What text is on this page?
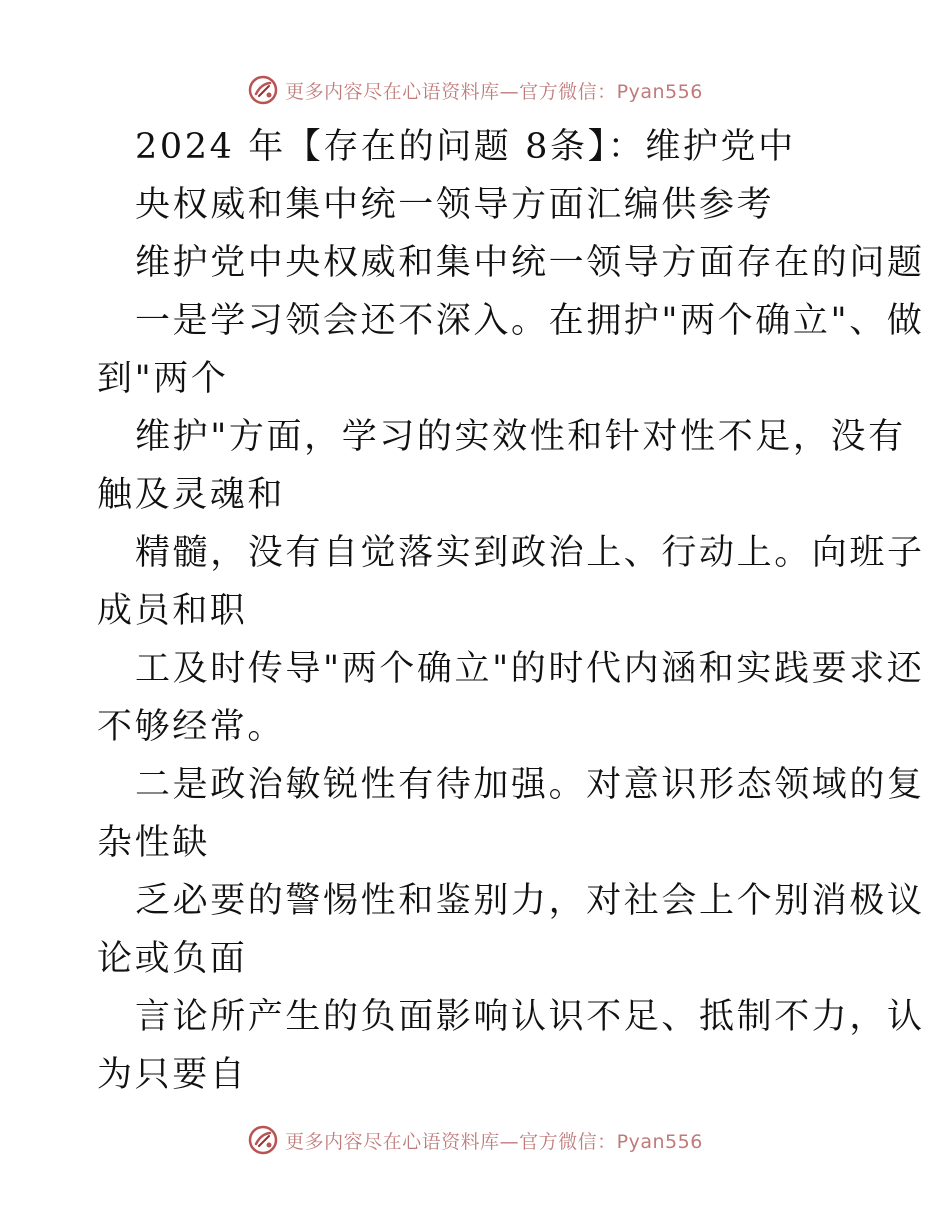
更多内容尽在心语资料库—官方微信：Pyan556
2024 年【存在的问题 8条】：维护党中
央权威和集中统一领导方面汇编供参考
维护党中央权威和集中统一领导方面存在的问题
一是学习领会还不深入。在拥护"两个确立"、做
到"两个
维护"方面，学习的实效性和针对性不足，没有
触及灵魂和
精髓，没有自觉落实到政治上、行动上。向班子
成员和职
工及时传导"两个确立"的时代内涵和实践要求还
不够经常。
二是政治敏锐性有待加强。对意识形态领域的复
杂性缺
乏必要的警惕性和鉴别力，对社会上个别消极议
论或负面
言论所产生的负面影响认识不足、抵制不力，认
为只要自
更多内容尽在心语资料库—官方微信：Pyan556
